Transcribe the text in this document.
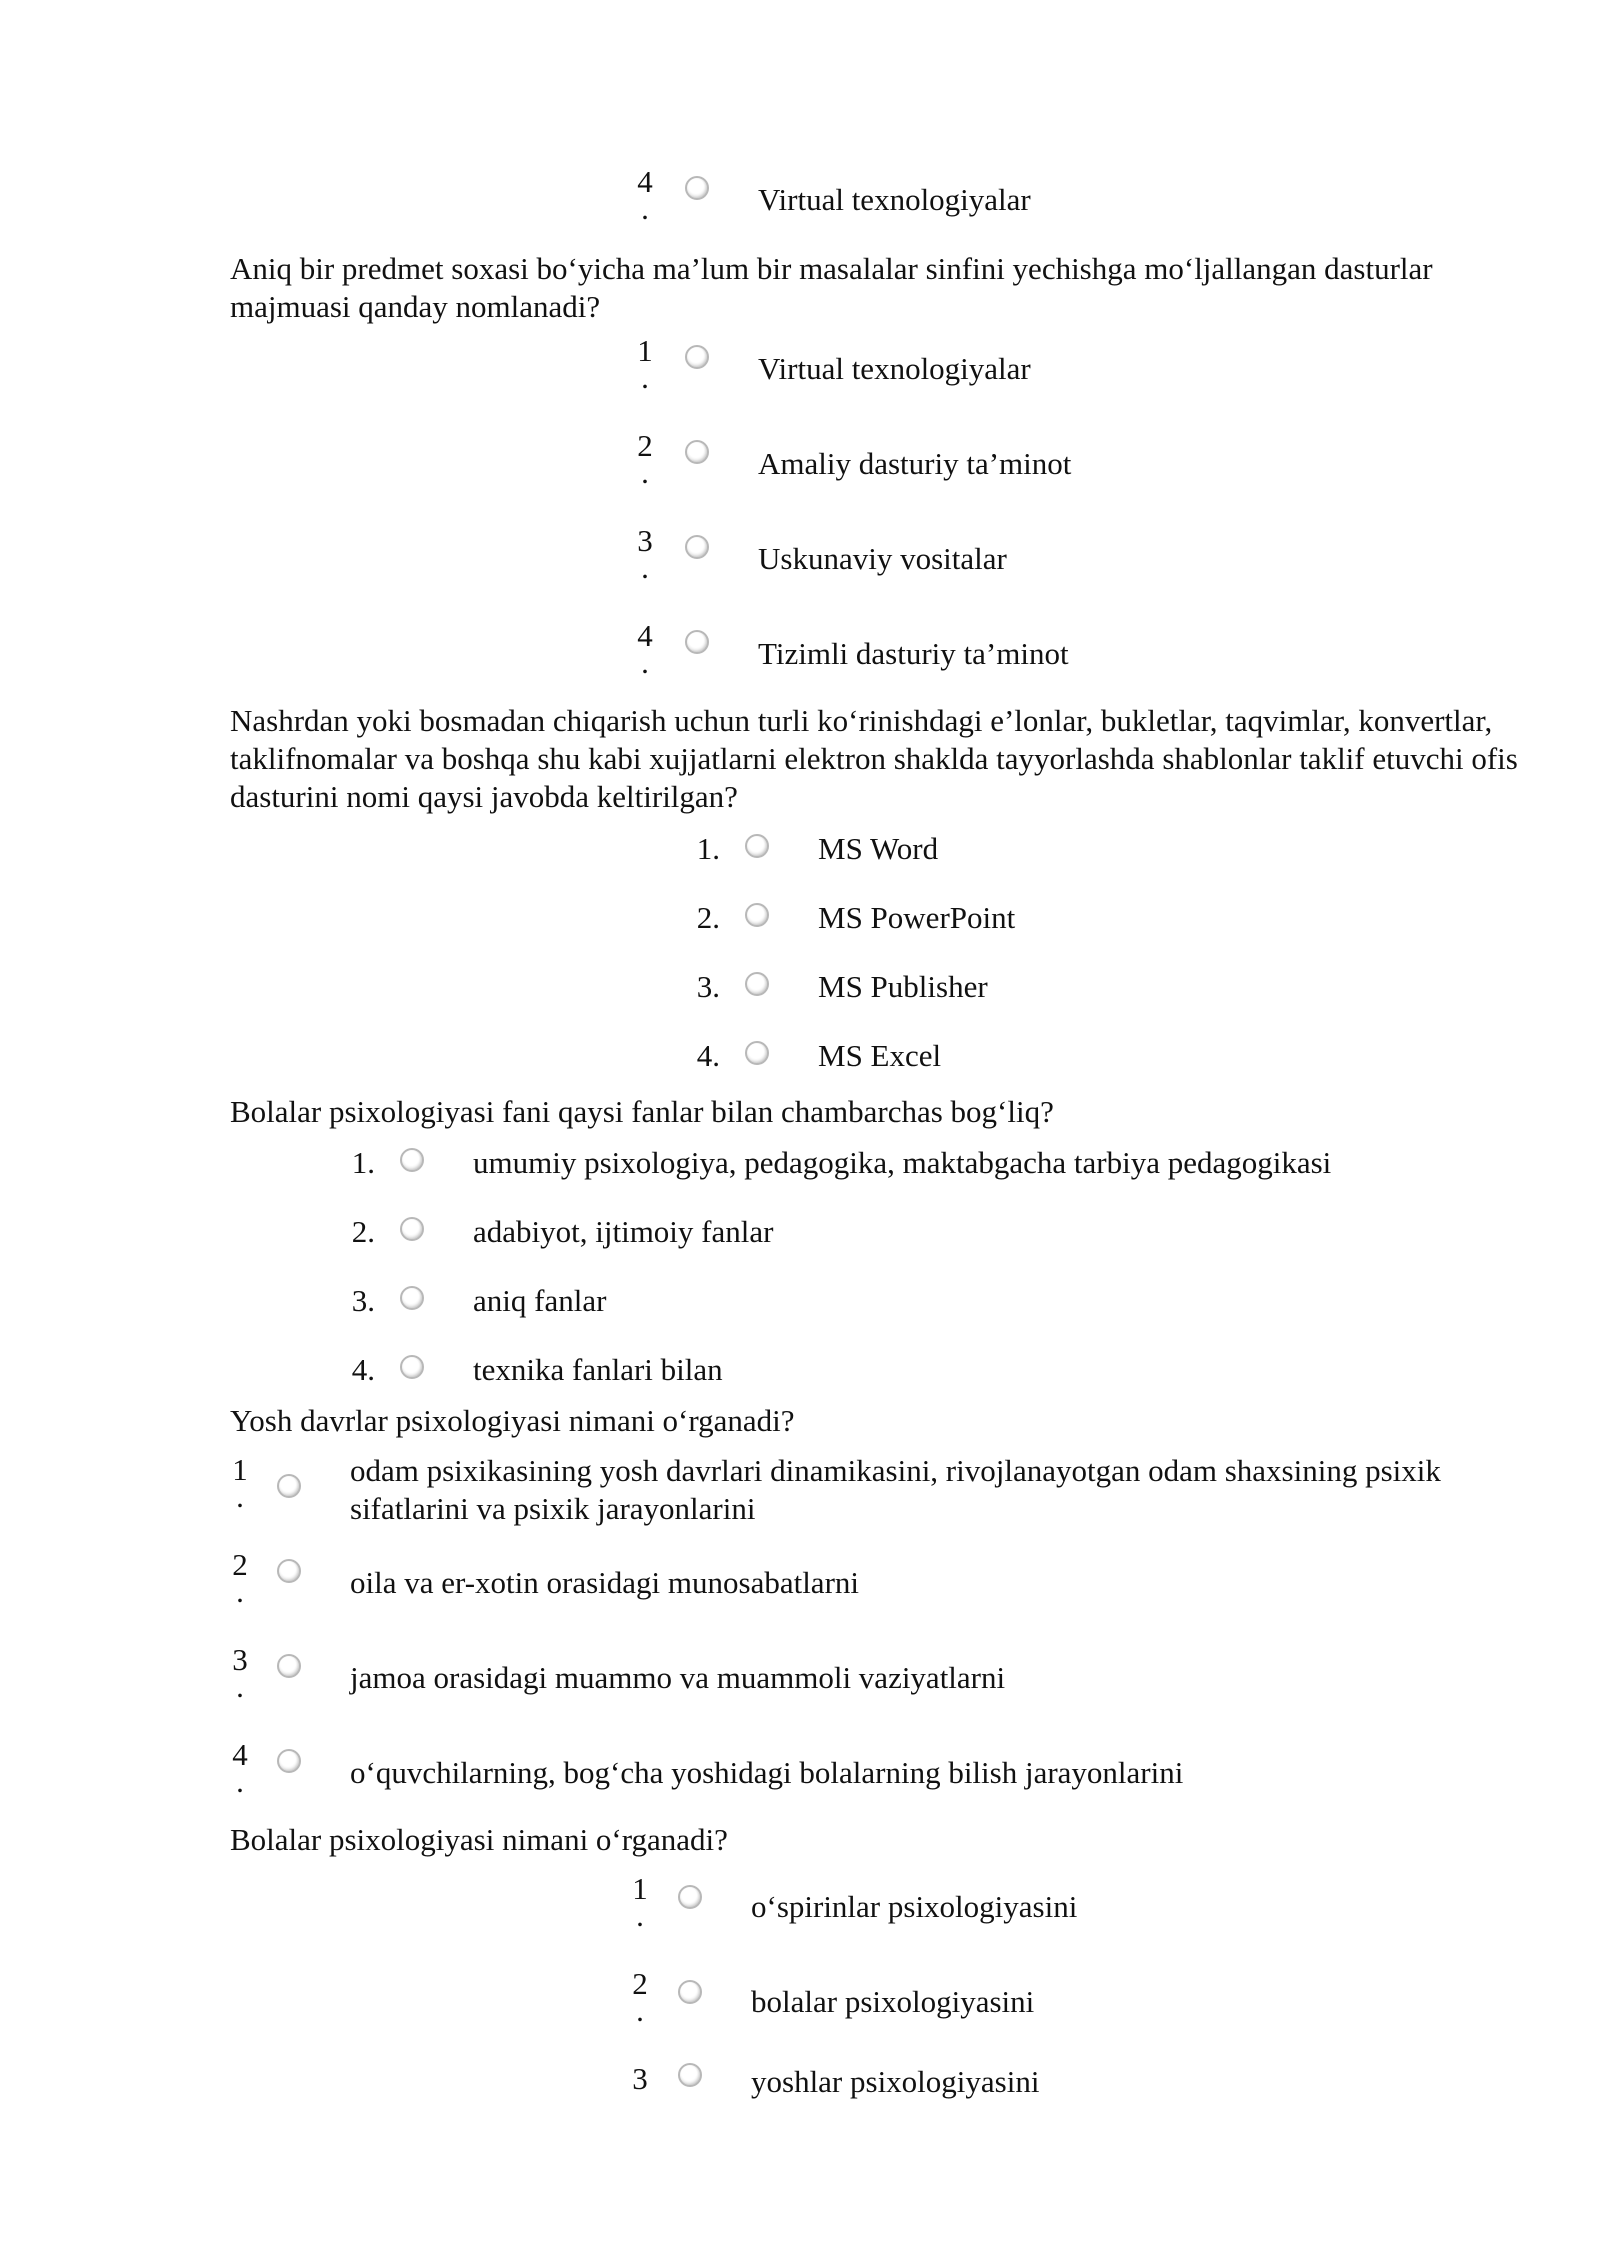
4
.	Virtual texnologiyalar

Aniq bir predmet soxasi bo‘yicha ma’lum bir masalalar sinfini yechishga mo‘ljallangan dasturlar majmuasi qanday nomlanadi?

1
.	Virtual texnologiyalar
2
.	Amaliy dasturiy ta’minot
3
.	Uskunaviy vositalar
4
.	Tizimli dasturiy ta’minot

Nashrdan yoki bosmadan chiqarish uchun turli ko‘rinishdagi e’lonlar, bukletlar, taqvimlar, konvertlar, taklifnomalar va boshqa shu kabi xujjatlarni elektron shaklda tayyorlashda shablonlar taklif etuvchi ofis dasturini nomi qaysi javobda keltirilgan?

1.	MS Word
2.	MS PowerPoint
3.	MS Publisher
4.	MS Excel

Bolalar psixologiyasi fani qaysi fanlar bilan chambarchas bog‘liq?

1.	umumiy psixologiya, pedagogika, maktabgacha tarbiya pedagogikasi
2.	adabiyot, ijtimoiy fanlar
3.	aniq fanlar
4.	texnika fanlari bilan

Yosh davrlar psixologiyasi nimani o‘rganadi?

1
.
odam psixikasining yosh davrlari dinamikasini, rivojlanayotgan odam shaxsining psixik sifatlarini va psixik jarayonlarini
2
.	oila va er-xotin orasidagi munosabatlarni
3
.	jamoa orasidagi muammo va muammoli vaziyatlarni
4
.	o‘quvchilarning, bog‘cha yoshidagi bolalarning bilish jarayonlarini

Bolalar psixologiyasi nimani o‘rganadi?

1
.	o‘spirinlar psixologiyasini
2
.	bolalar psixologiyasini
3	yoshlar psixologiyasini
